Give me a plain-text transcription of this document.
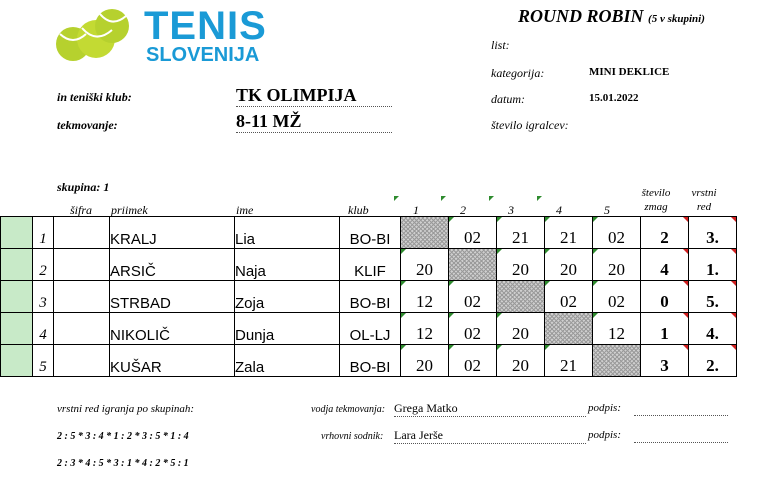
TENIS
SLOVENIJA
ROUND ROBIN (5 v skupini)
list:
kategorija:	MINI DEKLICE
datum:	15.01.2022
število igralcev:
in teniški klub:	TK OLIMPIJA
tekmovanje:	8-11 MŽ
skupina: 1
šifra priimek	ime	klub	1	2	3	4	5
število
zmag
vrstni
red
	1		KRALJ	Lia	BO-BI		02	21	21	02	2	3.

	2		ARSIČ	Naja	KLIF	20		20	20	20	4	1.

	3		STRBAD	Zoja	BO-BI	12	02		02	02	0	5.

	4		NIKOLIČ	Dunja	OL-LJ	12	02	20		12	1	4.

	5		KUŠAR	Zala	BO-BI	20	02	20	21		3	2.
vrstni red igranja po skupinah:
2 : 5 * 3 : 4 * 1 : 2 * 3 : 5 * 1 : 4
2 : 3 * 4 : 5 * 3 : 1 * 4 : 2 * 5 : 1
vodja tekmovanja: Grega Matko	podpis:
vrhovni sodnik: Lara Jerše	podpis:
